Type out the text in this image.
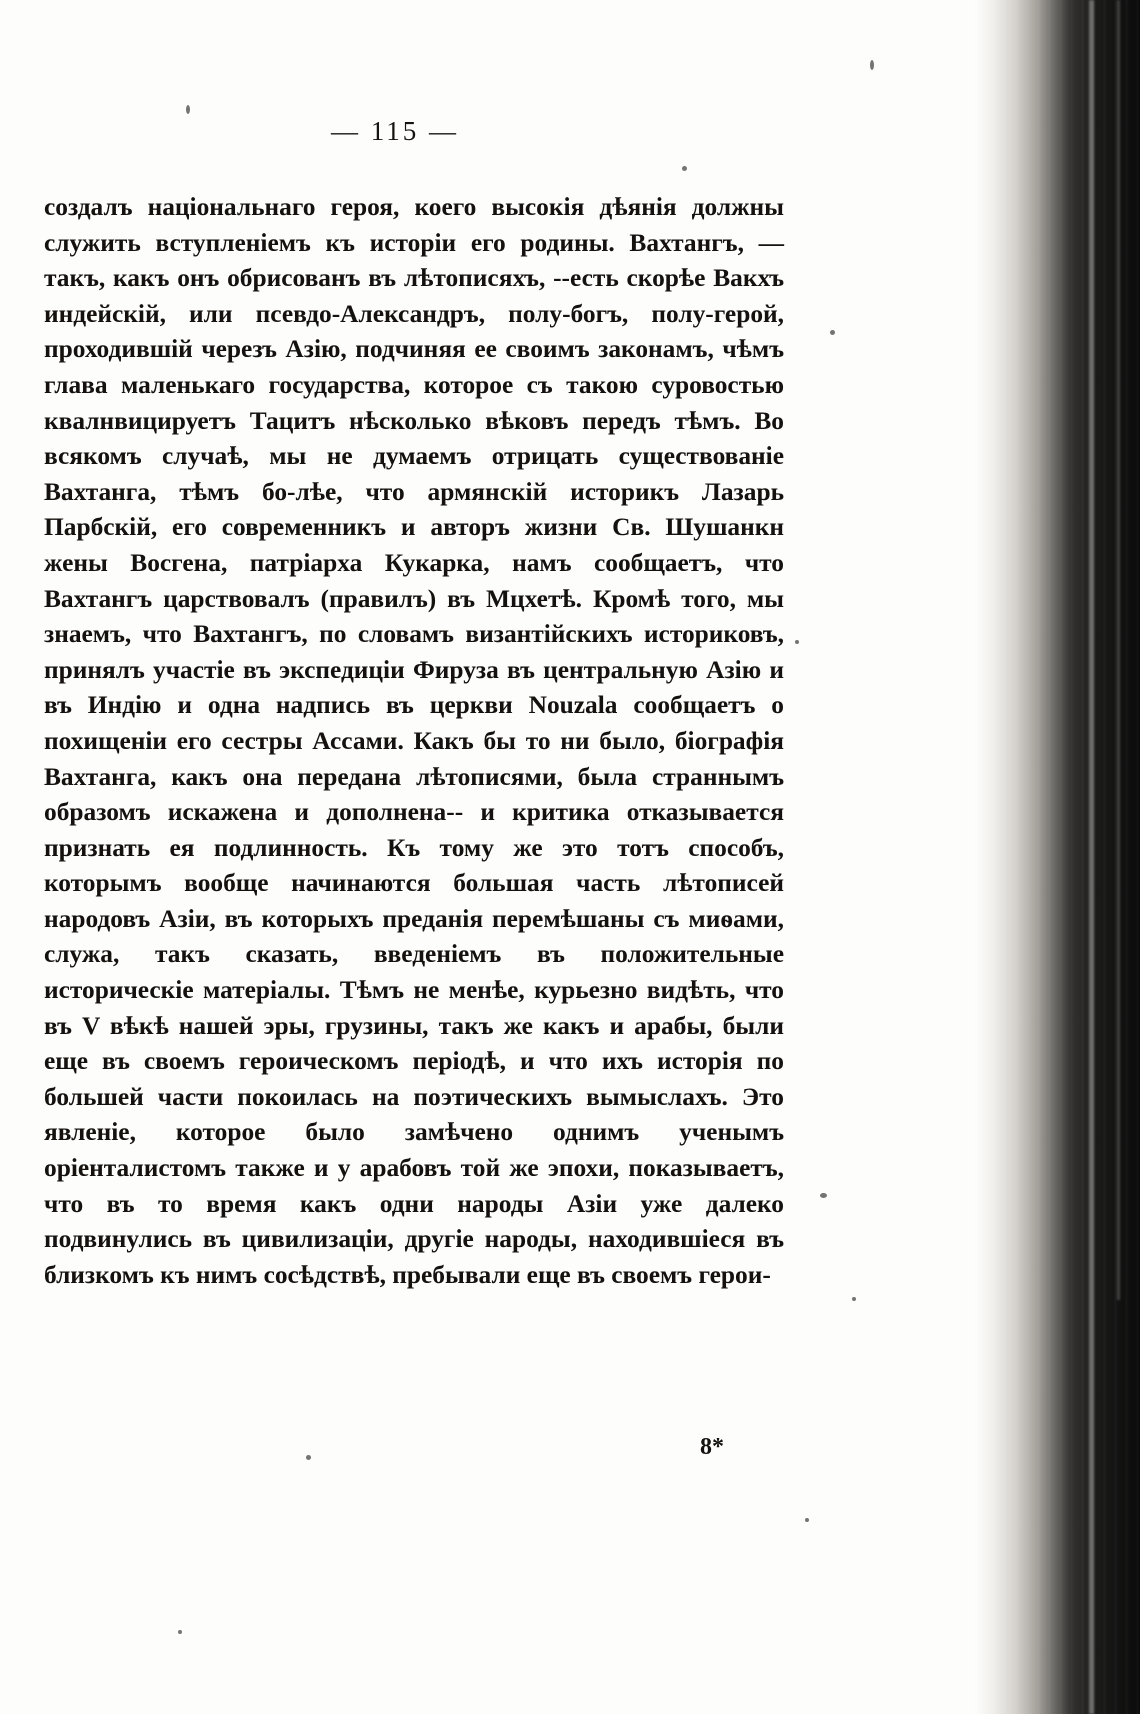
— 115 —

создалъ національнаго героя, коего высокія дѣянія должны служить вступленіемъ къ исторіи его родины. Вахтангъ, — такъ, какъ онъ обрисованъ въ лѣтописяхъ, --есть скорѣе Вакхъ индейскій, или псевдо-Александръ, полу-богъ, полу-герой, проходившій черезъ Азію, подчиняя ее своимъ законамъ, чѣмъ глава маленькаго государства, которое съ такою суровостью квалнвицируетъ Тацитъ нѣсколько вѣковъ передъ тѣмъ. Во всякомъ случаѣ, мы не думаемъ отрицать существованіе Вахтанга, тѣмъ бо-лѣе, что армянскій историкъ Лазарь Парбскій, его современникъ и авторъ жизни Св. Шушанкн жены Восгена, патріарха Кукарка, намъ сообщаетъ, что Вахтангъ царствовалъ (правилъ) въ Мцхетѣ. Кромѣ того, мы знаемъ, что Вахтангъ, по словамъ византійскихъ историковъ, принялъ участіе въ экспедиціи Фируза въ центральную Азію и въ Индію и одна надпись въ церкви Nouzala сообщаетъ о похищеніи его сестры Ассами. Какъ бы то ни было, біографія Вахтанга, какъ она передана лѣтописями, была страннымъ образомъ искажена и дополнена-- и критика отказывается признать ея подлинность. Къ тому же это тотъ способъ, которымъ вообще начинаются большая часть лѣтописей народовъ Азіи, въ которыхъ преданія перемѣшаны съ миѳами, служа, такъ сказать, введеніемъ въ положительные историческіе матеріалы. Тѣмъ не менѣе, курьезно видѣть, что въ V вѣкѣ нашей эры, грузины, такъ же какъ и арабы, были еще въ своемъ героическомъ періодѣ, и что ихъ исторія по большей части покоилась на поэтическихъ вымыслахъ. Это явленіе, которое было замѣчено однимъ ученымъ оріенталистомъ также и у арабовъ той же эпохи, показываетъ, что въ то время какъ одни народы Азіи уже далеко подвинулись въ цивилизаціи, другіе народы, находившіеся въ близкомъ къ нимъ сосѣдствѣ, пребывали еще въ своемъ герои-

8*
